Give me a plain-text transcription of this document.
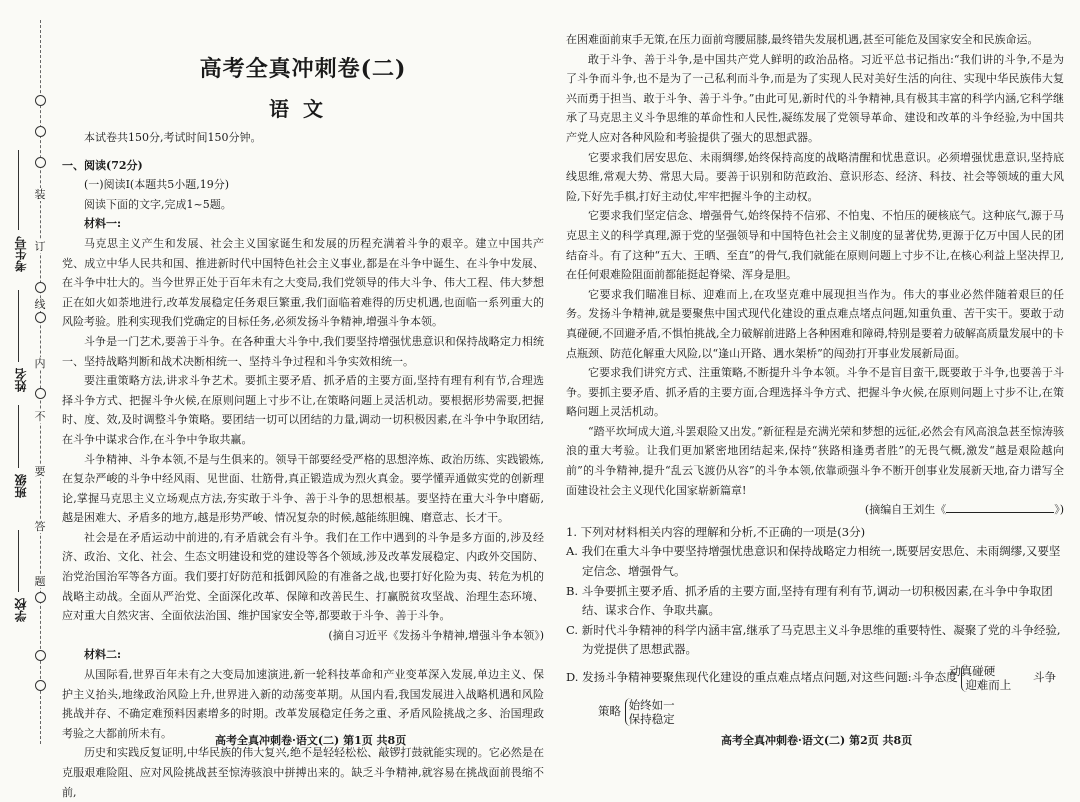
装
订
线
内
不
要
答
题
考生号
姓名
班级
学校
高考全真冲刺卷(二)
语文

本试卷共150分,考试时间150分钟。

一、阅读(72分)

(一)阅读Ⅰ(本题共5小题,19分)

阅读下面的文字,完成1~5题。

材料一:

马克思主义产生和发展、社会主义国家诞生和发展的历程充满着斗争的艰辛。建立中国共产党、成立中华人民共和国、推进新时代中国特色社会主义事业,都是在斗争中诞生、在斗争中发展、在斗争中壮大的。当今世界正处于百年未有之大变局,我们党领导的伟大斗争、伟大工程、伟大梦想正在如火如荼地进行,改革发展稳定任务艰巨繁重,我们面临着难得的历史机遇,也面临一系列重大的风险考验。胜利实现我们党确定的目标任务,必须发扬斗争精神,增强斗争本领。

斗争是一门艺术,要善于斗争。在各种重大斗争中,我们要坚持增强忧患意识和保持战略定力相统一、坚持战略判断和战术决断相统一、坚持斗争过程和斗争实效相统一。

要注重策略方法,讲求斗争艺术。要抓主要矛盾、抓矛盾的主要方面,坚持有理有利有节,合理选择斗争方式、把握斗争火候,在原则问题上寸步不让,在策略问题上灵活机动。要根据形势需要,把握时、度、效,及时调整斗争策略。要团结一切可以团结的力量,调动一切积极因素,在斗争中争取团结,在斗争中谋求合作,在斗争中争取共赢。

斗争精神、斗争本领,不是与生俱来的。领导干部要经受严格的思想淬炼、政治历练、实践锻炼,在复杂严峻的斗争中经风雨、见世面、壮筋骨,真正锻造成为烈火真金。要学懂弄通做实党的创新理论,掌握马克思主义立场观点方法,夯实敢于斗争、善于斗争的思想根基。要坚持在重大斗争中磨砺,越是困难大、矛盾多的地方,越是形势严峻、情况复杂的时候,越能练胆魄、磨意志、长才干。

社会是在矛盾运动中前进的,有矛盾就会有斗争。我们在工作中遇到的斗争是多方面的,涉及经济、政治、文化、社会、生态文明建设和党的建设等各个领域,涉及改革发展稳定、内政外交国防、治党治国治军等各方面。我们要打好防范和抵御风险的有准备之战,也要打好化险为夷、转危为机的战略主动战。全面从严治党、全面深化改革、保障和改善民生、打赢脱贫攻坚战、治理生态环境、应对重大自然灾害、全面依法治国、维护国家安全等,都要敢于斗争、善于斗争。

(摘自习近平《发扬斗争精神,增强斗争本领》)

材料二:

从国际看,世界百年未有之大变局加速演进,新一轮科技革命和产业变革深入发展,单边主义、保护主义抬头,地缘政治风险上升,世界进入新的动荡变革期。从国内看,我国发展进入战略机遇和风险挑战并存、不确定难预料因素增多的时期。改革发展稳定任务之重、矛盾风险挑战之多、治国理政考验之大都前所未有。

历史和实践反复证明,中华民族的伟大复兴,绝不是轻轻松松、敲锣打鼓就能实现的。它必然是在克服艰难险阻、应对风险挑战甚至惊涛骇浪中拼搏出来的。缺乏斗争精神,就容易在挑战面前畏缩不前,

高考全真冲刺卷·语文(二) 第1页 共8页

在困难面前束手无策,在压力面前弯腰屈膝,最终错失发展机遇,甚至可能危及国家安全和民族命运。

敢于斗争、善于斗争,是中国共产党人鲜明的政治品格。习近平总书记指出:“我们讲的斗争,不是为了斗争而斗争,也不是为了一己私利而斗争,而是为了实现人民对美好生活的向往、实现中华民族伟大复兴而勇于担当、敢于斗争、善于斗争。”由此可见,新时代的斗争精神,具有极其丰富的科学内涵,它科学继承了马克思主义斗争思维的革命性和人民性,凝练发展了党领导革命、建设和改革的斗争经验,为中国共产党人应对各种风险和考验提供了强大的思想武器。

它要求我们居安思危、未雨绸缪,始终保持高度的战略清醒和忧患意识。必须增强忧患意识,坚持底线思维,常观大势、常思大局。要善于识别和防范政治、意识形态、经济、科技、社会等领域的重大风险,下好先手棋,打好主动仗,牢牢把握斗争的主动权。

它要求我们坚定信念、增强骨气,始终保持不信邪、不怕鬼、不怕压的硬核底气。这种底气,源于马克思主义的科学真理,源于党的坚强领导和中国特色社会主义制度的显著优势,更源于亿万中国人民的团结奋斗。有了这种“五大、王晒、至直”的骨气,我们就能在原则问题上寸步不让,在核心利益上坚决捍卫,在任何艰难险阻面前都能挺起脊梁、浑身是胆。

它要求我们瞄准目标、迎难而上,在攻坚克难中展现担当作为。伟大的事业必然伴随着艰巨的任务。发扬斗争精神,就是要聚焦中国式现代化建设的重点难点堵点问题,知重负重、苦干实干。要敢于动真碰硬,不回避矛盾,不惧怕挑战,全力破解前进路上各种困难和障碍,特别是要着力破解高质量发展中的卡点瓶颈、防范化解重大风险,以“逢山开路、遇水架桥”的闯劲打开事业发展新局面。

它要求我们讲究方式、注重策略,不断提升斗争本领。斗争不是盲目蛮干,既要敢于斗争,也要善于斗争。要抓主要矛盾、抓矛盾的主要方面,合理选择斗争方式、把握斗争火候,在原则问题上寸步不让,在策略问题上灵活机动。

“踏平坎坷成大道,斗罢艰险又出发。”新征程是充满光荣和梦想的远征,必然会有风高浪急甚至惊涛骇浪的重大考验。让我们更加紧密地团结起来,保持“狭路相逢勇者胜”的无畏气概,激发“越是艰险越向前”的斗争精神,提升“乱云飞渡仍从容”的斗争本领,依靠顽强斗争不断开创事业发展新天地,奋力谱写全面建设社会主义现代化国家崭新篇章!

(摘编自王刘生《	》)

1. 下列对材料相关内容的理解和分析,不正确的一项是(3分)

A. 我们在重大斗争中要坚持增强忧患意识和保持战略定力相统一,既要居安思危、未雨绸缪,又要坚定信念、增强骨气。

B. 斗争要抓主要矛盾、抓矛盾的主要方面,坚持有理有利有节,调动一切积极因素,在斗争中争取团结、谋求合作、争取共赢。

C. 新时代斗争精神的科学内涵丰富,继承了马克思主义斗争思维的重要特性、凝聚了党的斗争经验,为党提供了思想武器。

D. 发扬斗争精神要聚焦现代化建设的重点难点堵点问题,对这些问题:斗争态度 动真碰硬
迎难而上 斗争
策略 始终如一
保持稳定
高考全真冲刺卷·语文(二) 第2页 共8页
